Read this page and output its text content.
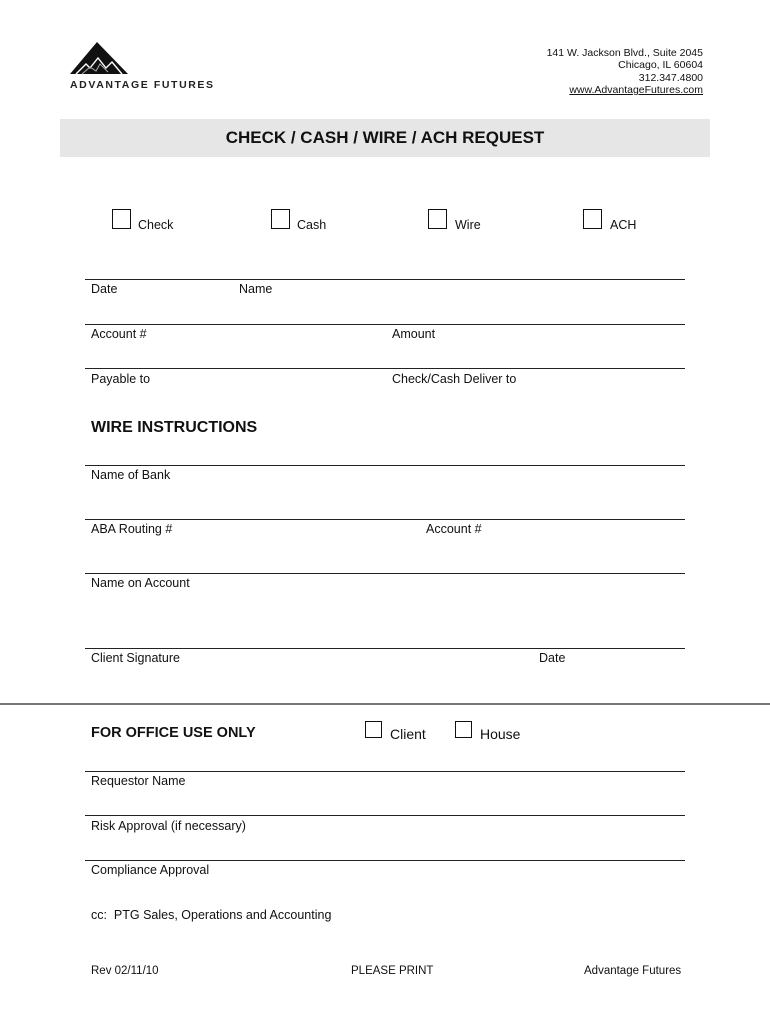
ADVANTAGE FUTURES
141 W. Jackson Blvd., Suite 2045
Chicago, IL 60604
312.347.4800
www.AdvantageFutures.com
CHECK / CASH / WIRE / ACH REQUEST
Check	Cash	Wire	ACH
Date	Name
Account #	Amount
Payable to	Check/Cash Deliver to
WIRE INSTRUCTIONS
Name of Bank
ABA Routing #	Account #
Name on Account
Client Signature	Date
FOR OFFICE USE ONLY	Client	House
Requestor Name
Risk Approval (if necessary)
Compliance Approval
cc:  PTG Sales, Operations and Accounting
Rev 02/11/10	PLEASE PRINT	Advantage Futures
